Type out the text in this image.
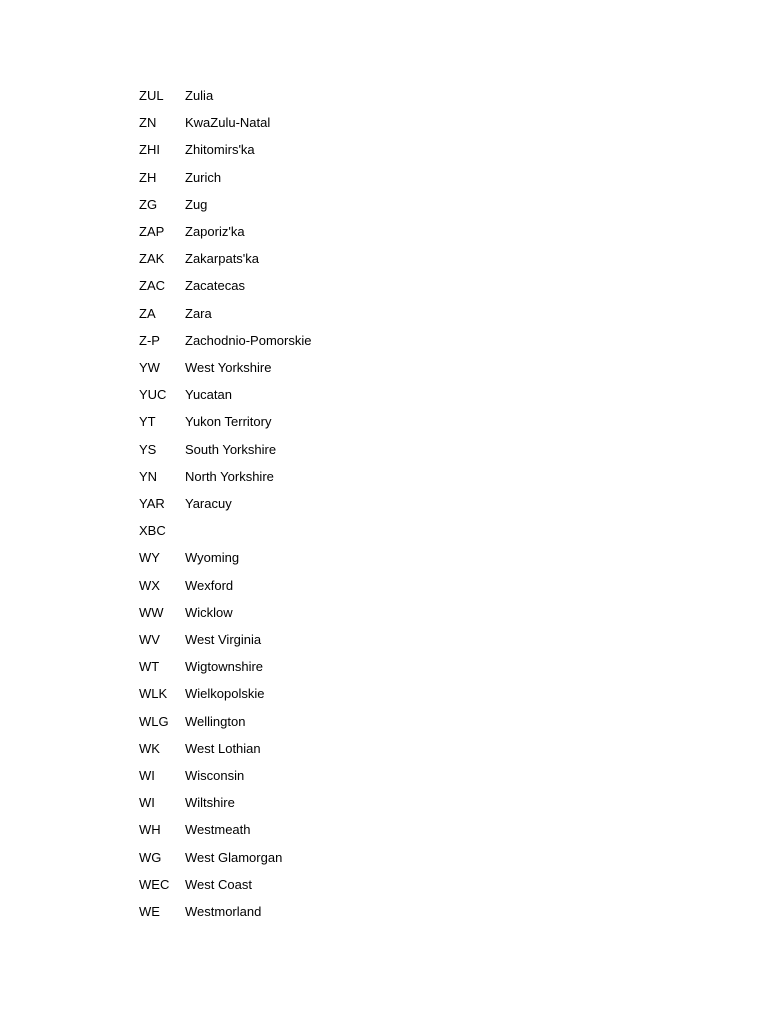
ZUL	Zulia
ZN	KwaZulu-Natal
ZHI	Zhitomirs'ka
ZH	Zurich
ZG	Zug
ZAP	Zaporiz'ka
ZAK	Zakarpats'ka
ZAC	Zacatecas
ZA	Zara
Z-P	Zachodnio-Pomorskie
YW	West Yorkshire
YUC	Yucatan
YT	Yukon Territory
YS	South Yorkshire
YN	North Yorkshire
YAR	Yaracuy
XBC	
WY	Wyoming
WX	Wexford
WW	Wicklow
WV	West Virginia
WT	Wigtownshire
WLK	Wielkopolskie
WLG	Wellington
WK	West Lothian
WI	Wisconsin
WI	Wiltshire
WH	Westmeath
WG	West Glamorgan
WEC	West Coast
WE	Westmorland
